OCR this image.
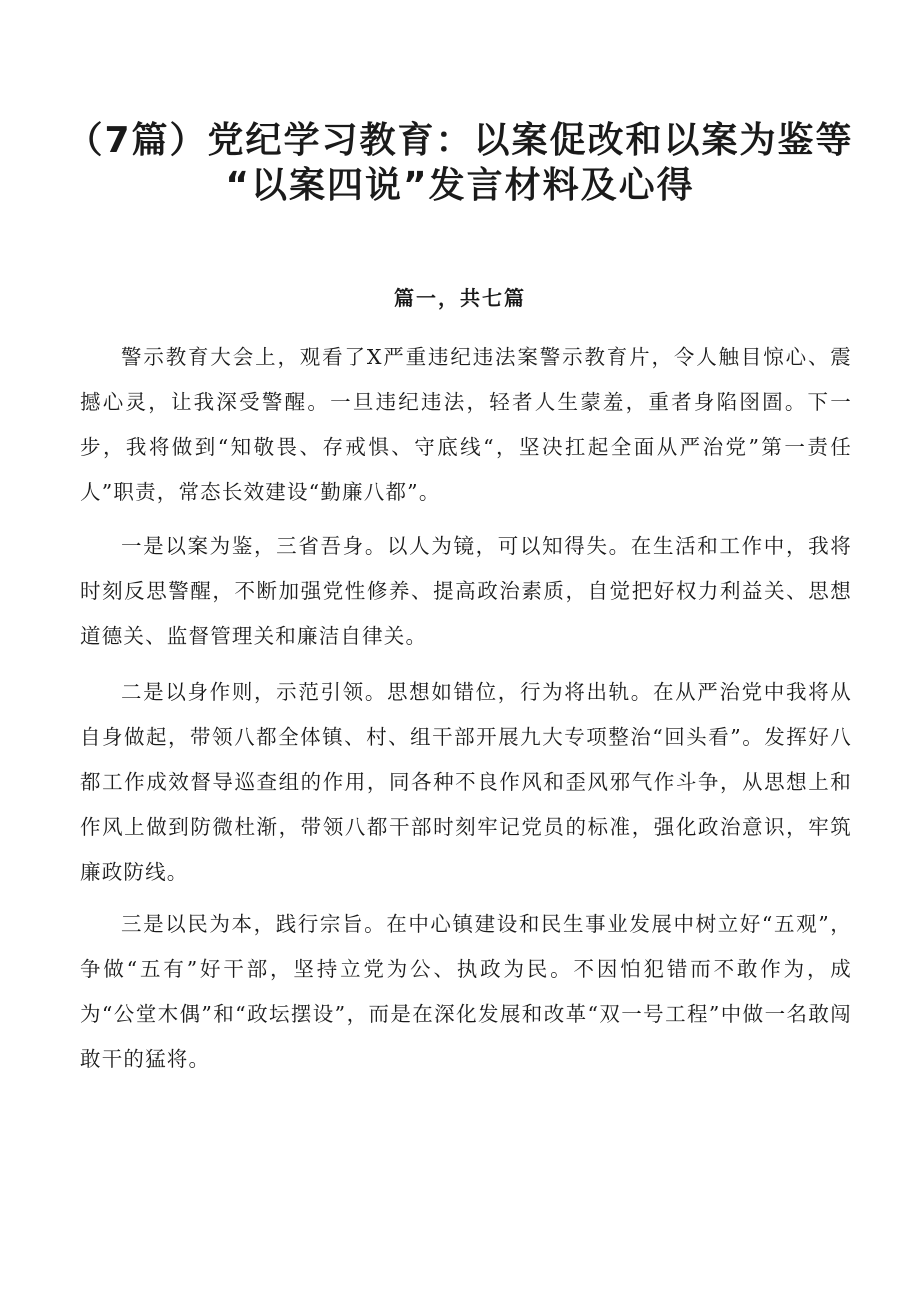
（7篇）党纪学习教育：以案促改和以案为鉴等
“以案四说”发言材料及心得
篇一，共七篇

警示教育大会上，观看了X严重违纪违法案警示教育片，令人触目惊心、震撼心灵，让我深受警醒。一旦违纪违法，轻者人生蒙羞，重者身陷囹圄。下一步，我将做到“知敬畏、存戒惧、守底线“，坚决扛起全面从严治党”第一责任人”职责，常态长效建设“勤廉八都”。

一是以案为鉴，三省吾身。以人为镜，可以知得失。在生活和工作中，我将时刻反思警醒，不断加强党性修养、提高政治素质，自觉把好权力利益关、思想道德关、监督管理关和廉洁自律关。

二是以身作则，示范引领。思想如错位，行为将出轨。在从严治党中我将从自身做起，带领八都全体镇、村、组干部开展九大专项整治“回头看”。发挥好八都工作成效督导巡查组的作用，同各种不良作风和歪风邪气作斗争，从思想上和作风上做到防微杜渐，带领八都干部时刻牢记党员的标准，强化政治意识，牢筑廉政防线。

三是以民为本，践行宗旨。在中心镇建设和民生事业发展中树立好“五观”，争做“五有”好干部，坚持立党为公、执政为民。不因怕犯错而不敢作为，成为“公堂木偶”和“政坛摆设”，而是在深化发展和改革“双一号工程”中做一名敢闯敢干的猛将。
